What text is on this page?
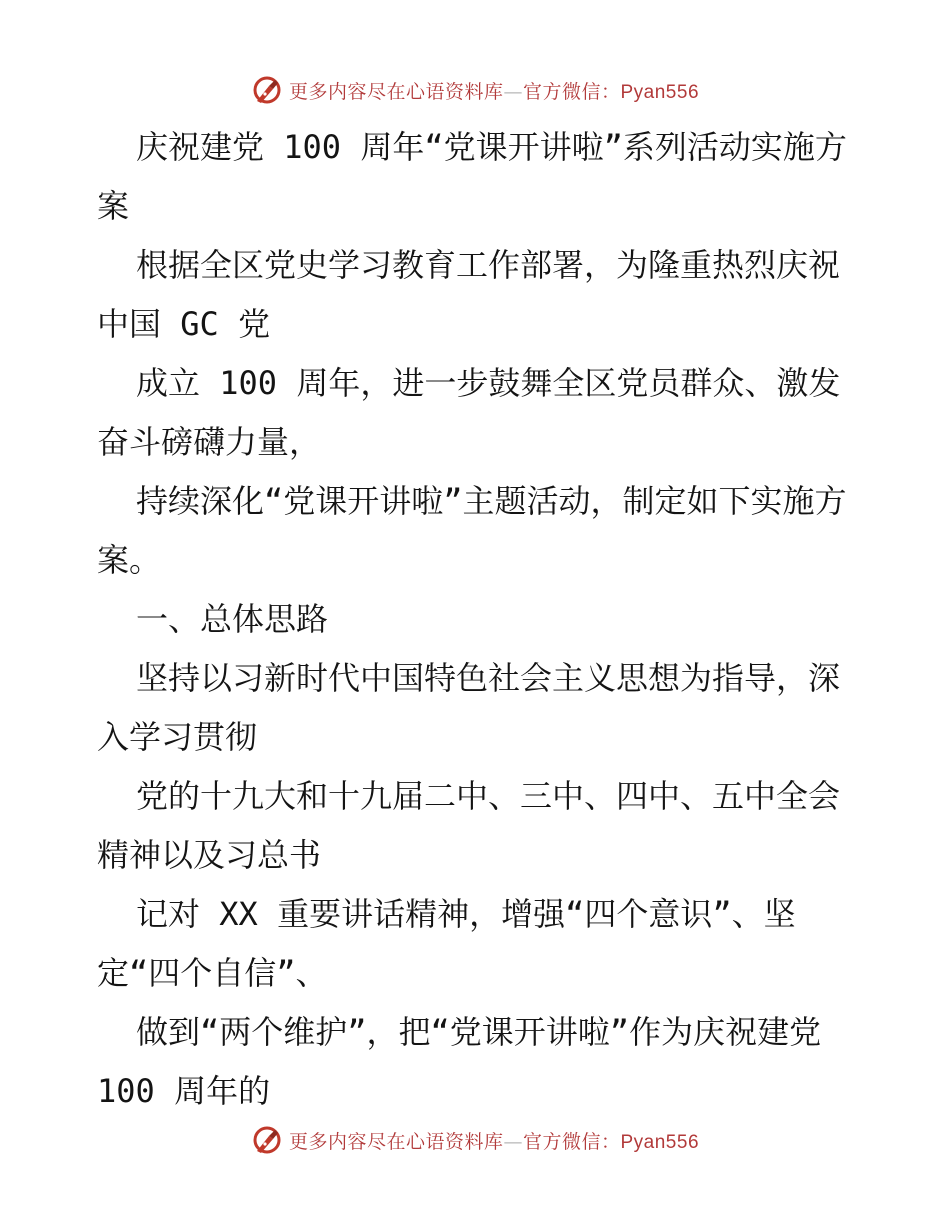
更多内容尽在心语资料库—官方微信：Pyan556

庆祝建党 100 周年“党课开讲啦”系列活动实施方案

根据全区党史学习教育工作部署，为隆重热烈庆祝中国 GC 党

成立 100 周年，进一步鼓舞全区党员群众、激发奋斗磅礴力量，

持续深化“党课开讲啦”主题活动，制定如下实施方案。

一、总体思路

坚持以习新时代中国特色社会主义思想为指导，深入学习贯彻

党的十九大和十九届二中、三中、四中、五中全会精神以及习总书

记对 XX 重要讲话精神，增强“四个意识”、坚定“四个自信”、

做到“两个维护”，把“党课开讲啦”作为庆祝建党 100 周年的

更多内容尽在心语资料库—官方微信：Pyan556
